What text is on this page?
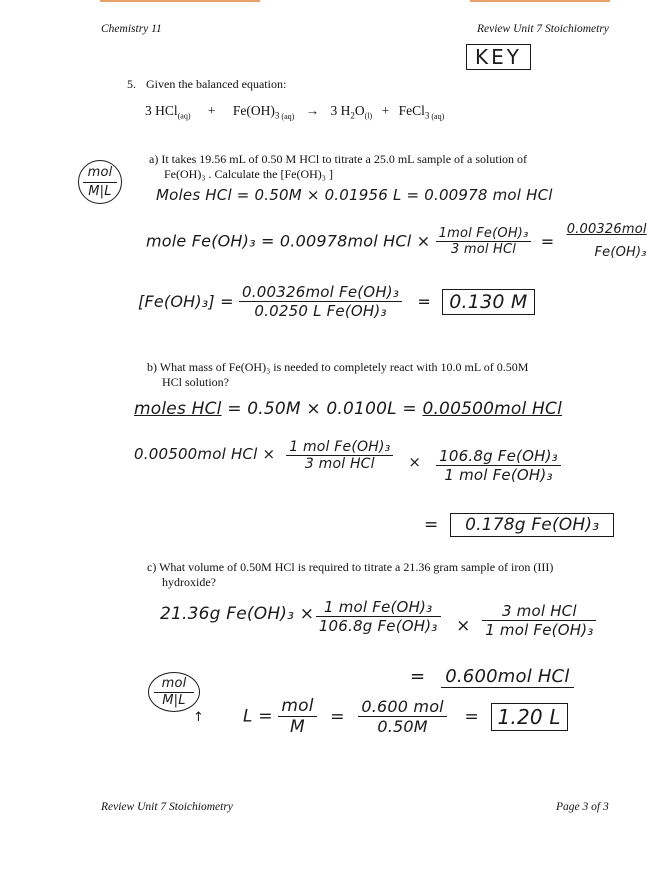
Chemistry 11	Review Unit 7 Stoichiometry
KEY
5. Given the balanced equation:
3 $HCl_{(aq)} + Fe(OH)_3$ $_{(aq)}$ → 3 $H_2O_{(l)}$ + FeCl$_3$ $_{(aq)}$
a) It takes 19.56 mL of 0.50 M HCl to titrate a 25.0 mL sample of a solution of
Fe(OH)₃ . Calculate the [Fe(OH)₃ ]
mol
M|L	Moles HCl = 0.50M × 0.01956 L = 0.00978 mol HCl
mole Fe(OH)₃ = 0.00978mol HCl × $\frac{\text{1mol Fe(OH)₃}}{\text{3 mol HCl}} = \frac{\text{0.00326mol}}{\text{Fe(OH)₃}}$
$[Fe(OH)_3] = \frac{\text{0.00326mol Fe(OH)₃}}{\text{0.0250 L Fe(OH)₃}} = 0.130$ M
b) What mass of Fe(OH)₃ is needed to completely react with 10.0 mL of 0.50M
HCl solution?
moles HCl = 0.50M × 0.0100L = 0.00500mol HCl
0.00500mol HCl × $\frac{\text{1 mol Fe(OH)₃}}{\text{3 mol HCl}} \times \frac{\text{106.8g Fe(OH)₃}}{\text{1 mol Fe(OH)₃}}$
= 0.178g Fe(OH)₃
c) What volume of 0.50M HCl is required to titrate a 21.36 gram sample of iron (III)
hydroxide?
21.36g $Fe(OH)_3 \times \frac{\text{1 mol Fe(OH)₃}}{\text{106.8g Fe(OH)₃}} \times \frac{\text{3 mol HCl}}{\text{1 mol Fe(OH)₃}}$
= 0.600mol HCl
mol
M|L
↑ $L = \frac{\text{mol}}{M} = \frac{\text{0.600 mol}}{0.50M} = 1.20$ L
Review Unit 7 Stoichiometry	Page 3 of 3
